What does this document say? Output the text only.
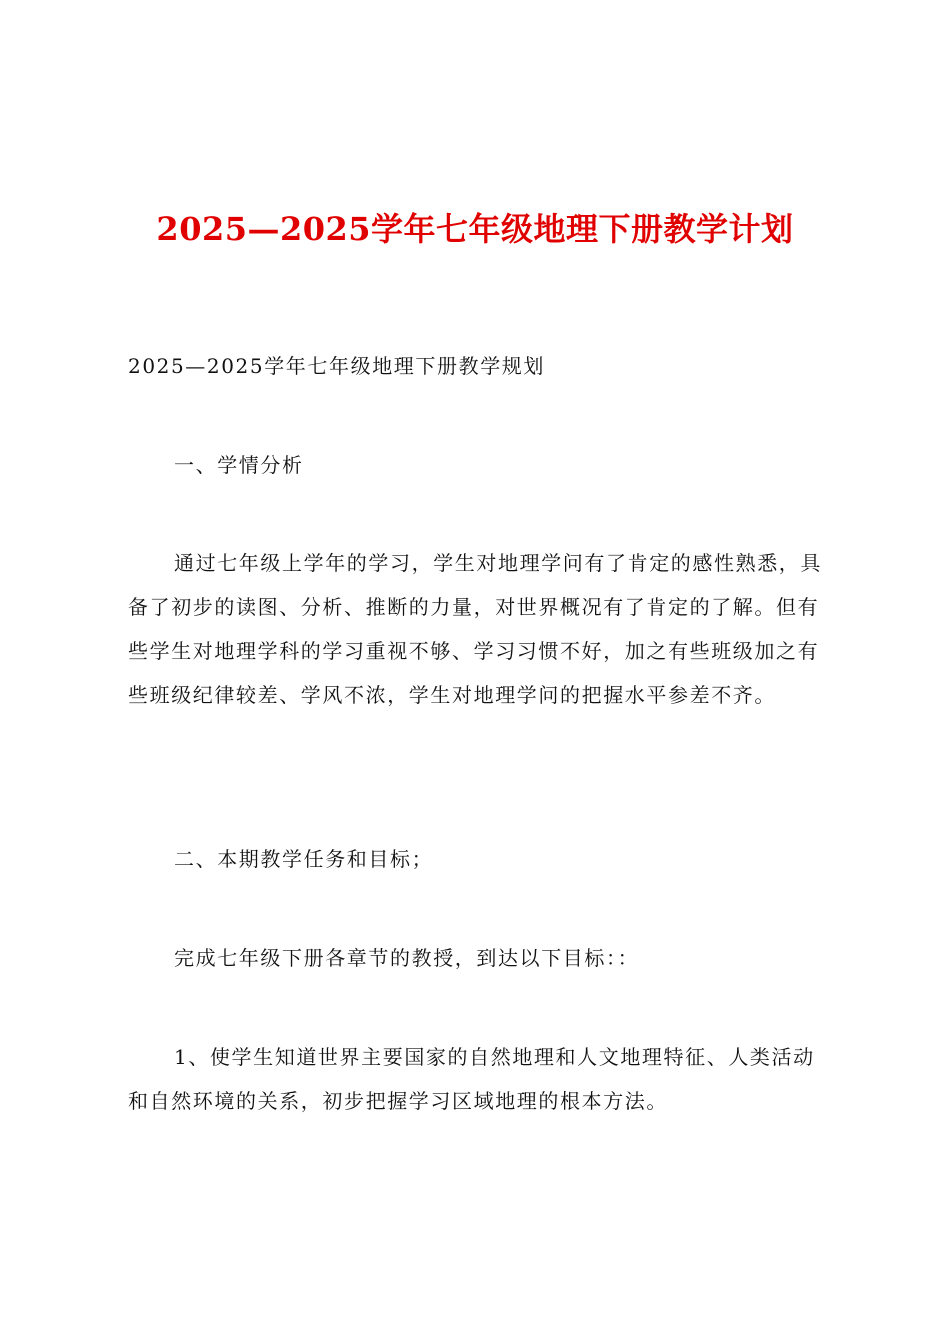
2025—2025学年七年级地理下册教学计划

2025—2025学年七年级地理下册教学规划

一、学情分析

通过七年级上学年的学习，学生对地理学问有了肯定的感性熟悉，具备了初步的读图、分析、推断的力量，对世界概况有了肯定的了解。但有些学生对地理学科的学习重视不够、学习习惯不好，加之有些班级加之有些班级纪律较差、学风不浓，学生对地理学问的把握水平参差不齐。

二、本期教学任务和目标；

完成七年级下册各章节的教授，到达以下目标：：

1、使学生知道世界主要国家的自然地理和人文地理特征、人类活动和自然环境的关系，初步把握学习区域地理的根本方法。
